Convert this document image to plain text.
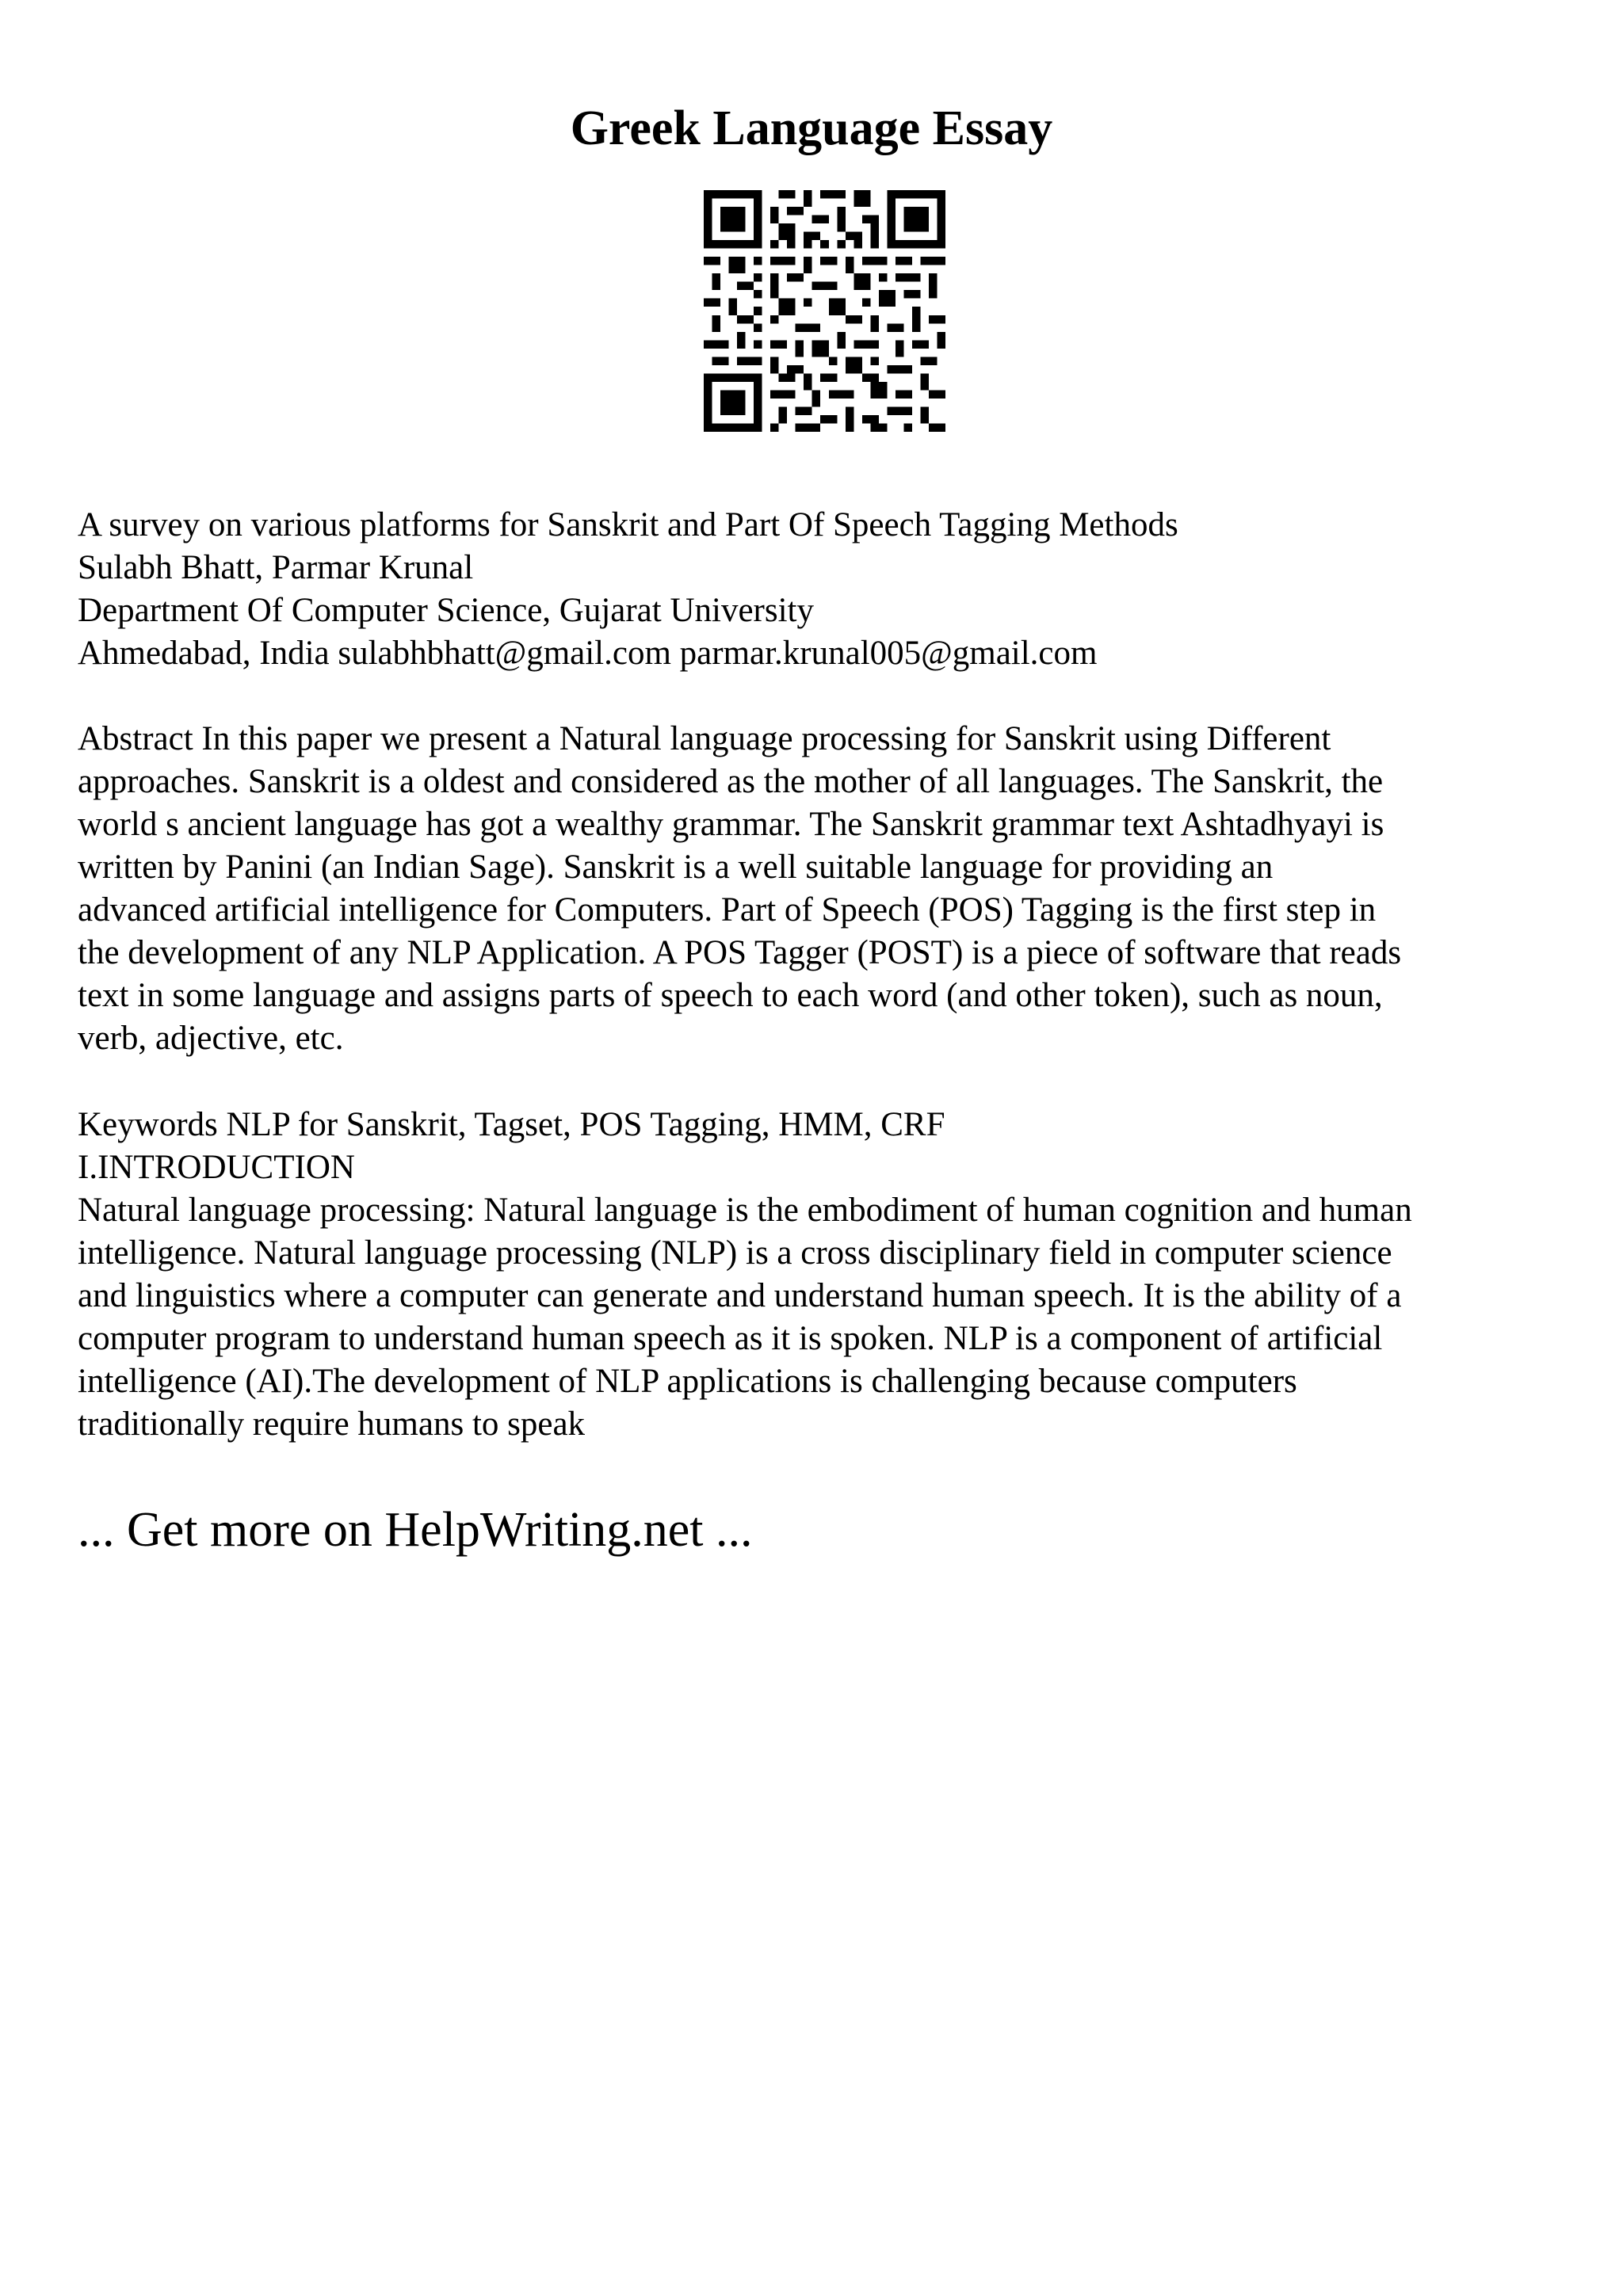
Greek Language Essay
A survey on various platforms for Sanskrit and Part Of Speech Tagging Methods
Sulabh Bhatt, Parmar Krunal
Department Of Computer Science, Gujarat University
Ahmedabad, India sulabhbhatt@gmail.com parmar.krunal005@gmail.com
Abstract In this paper we present a Natural language processing for Sanskrit using Different
approaches. Sanskrit is a oldest and considered as the mother of all languages. The Sanskrit, the
world s ancient language has got a wealthy grammar. The Sanskrit grammar text Ashtadhyayi is
written by Panini (an Indian Sage). Sanskrit is a well suitable language for providing an
advanced artificial intelligence for Computers. Part of Speech (POS) Tagging is the first step in
the development of any NLP Application. A POS Tagger (POST) is a piece of software that reads
text in some language and assigns parts of speech to each word (and other token), such as noun,
verb, adjective, etc.
Keywords NLP for Sanskrit, Tagset, POS Tagging, HMM, CRF
I.INTRODUCTION
Natural language processing: Natural language is the embodiment of human cognition and human
intelligence. Natural language processing (NLP) is a cross disciplinary field in computer science
and linguistics where a computer can generate and understand human speech. It is the ability of a
computer program to understand human speech as it is spoken. NLP is a component of artificial
intelligence (AI).The development of NLP applications is challenging because computers
traditionally require humans to speak

... Get more on HelpWriting.net ...
